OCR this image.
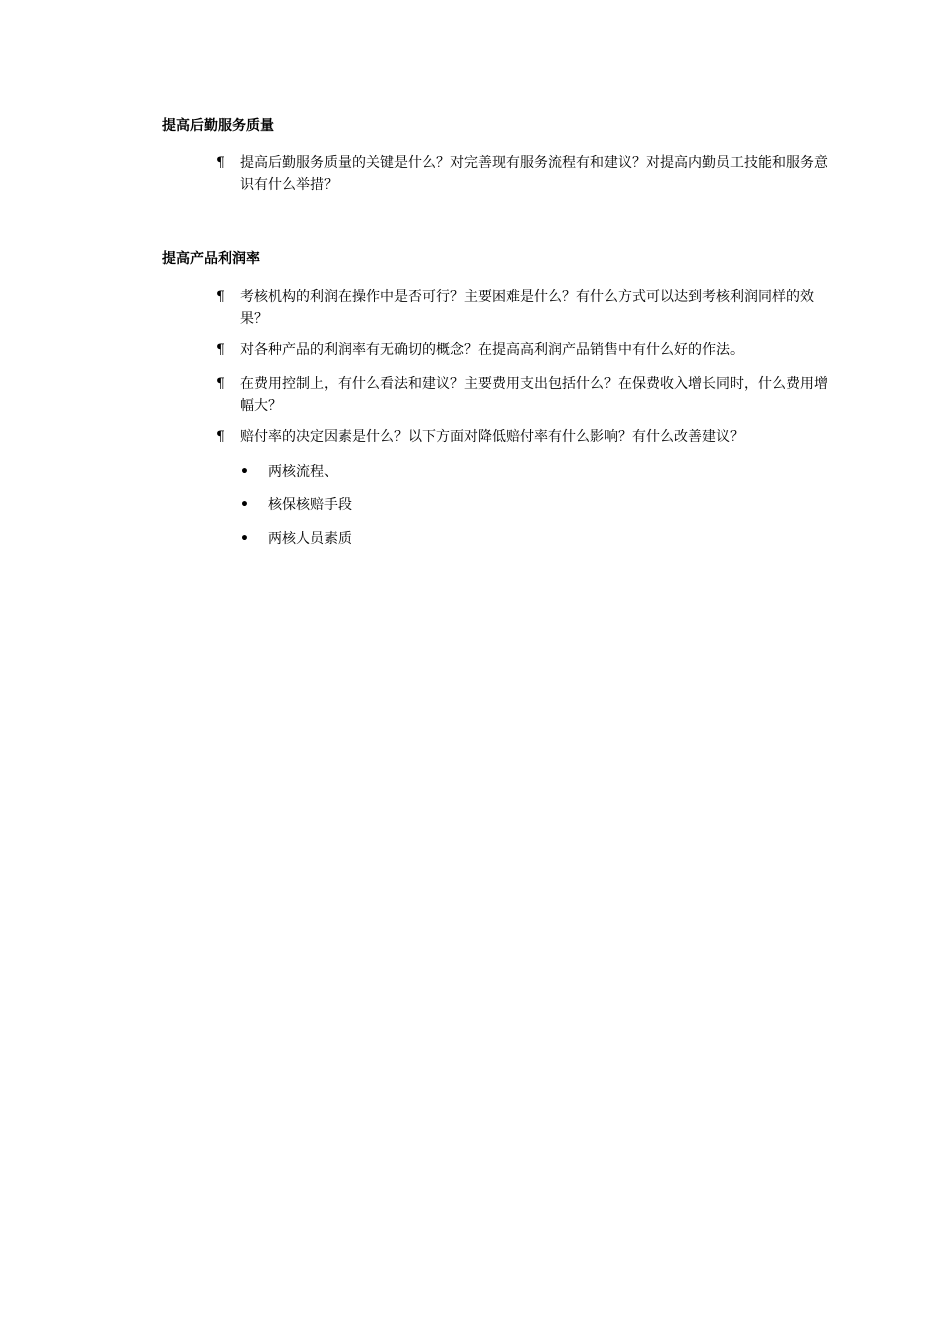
提高后勤服务质量
¶	提高后勤服务质量的关键是什么？对完善现有服务流程有和建议？对提高内勤员工技能和服务意识有什么举措？
提高产品利润率
¶	考核机构的利润在操作中是否可行？主要困难是什么？有什么方式可以达到考核利润同样的效果？
¶	对各种产品的利润率有无确切的概念？在提高高利润产品销售中有什么好的作法。
¶	在费用控制上，有什么看法和建议？主要费用支出包括什么？在保费收入增长同时，什么费用增幅大？
¶	赔付率的决定因素是什么？以下方面对降低赔付率有什么影响？有什么改善建议？
• 两核流程、
• 核保核赔手段
• 两核人员素质
